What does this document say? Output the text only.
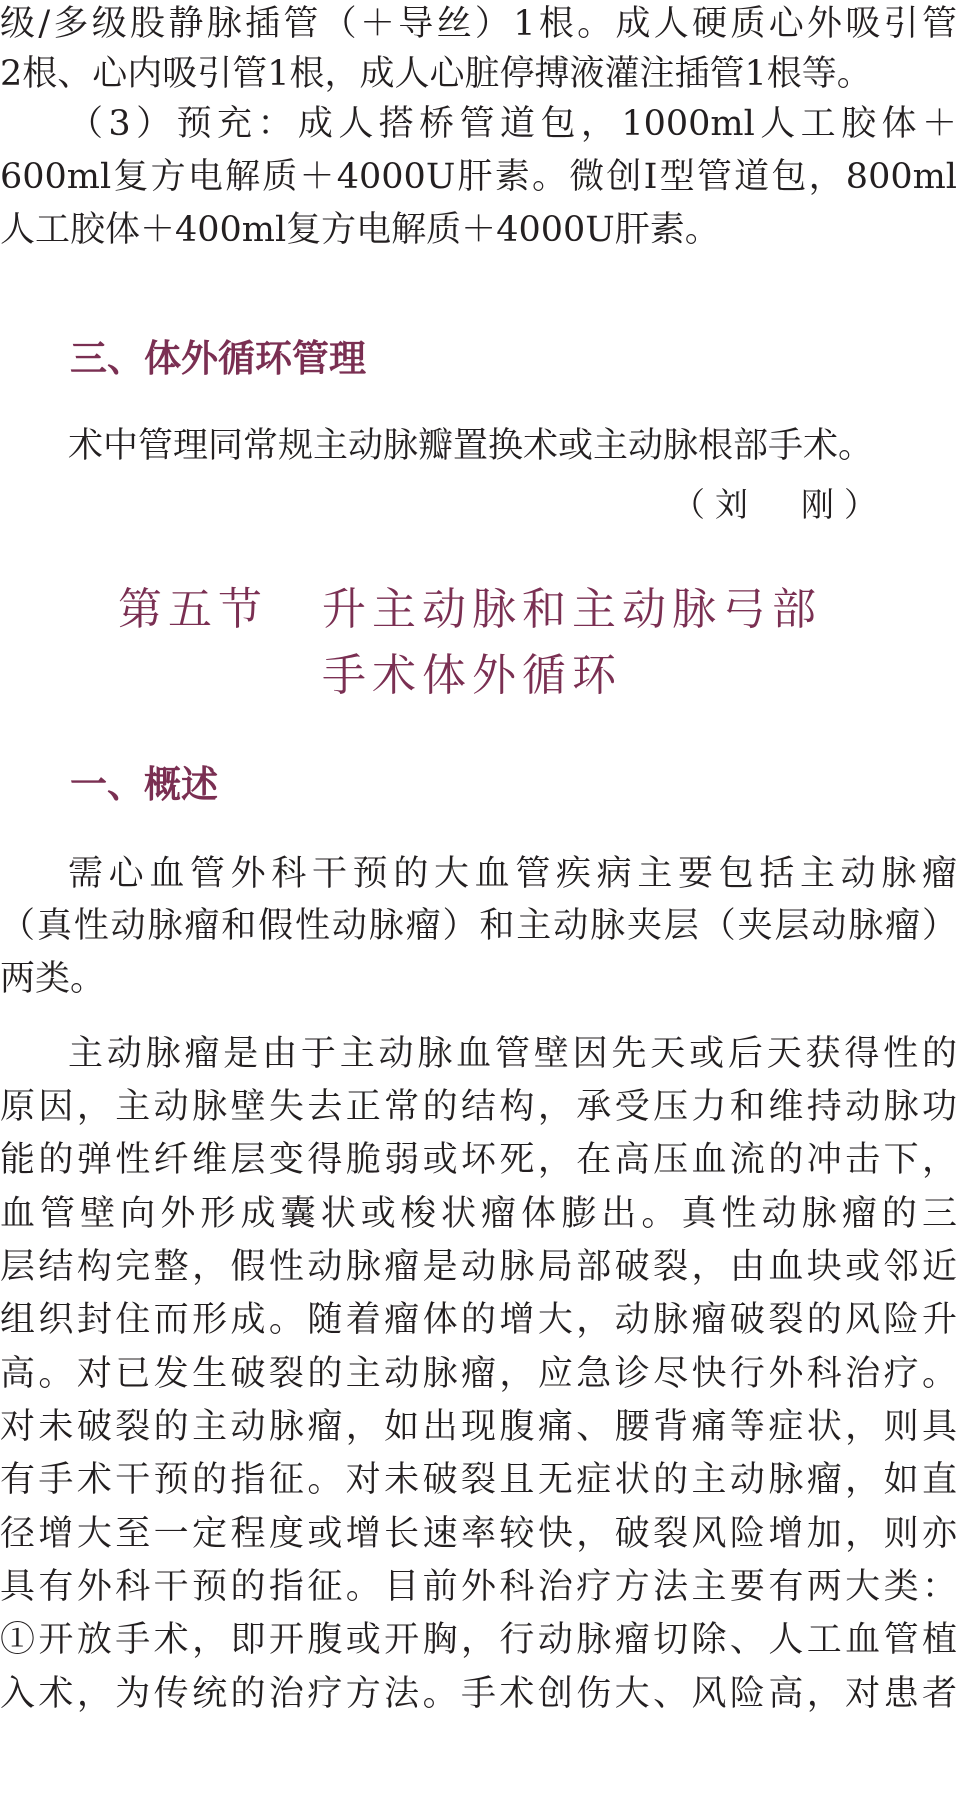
级/多级股静脉插管（＋导丝）1根。成人硬质心外吸引管
2根、心内吸引管1根，成人心脏停搏液灌注插管1根等。
（3）预充：成人搭桥管道包，1000ml人工胶体＋
600ml复方电解质＋4000U肝素。微创Ⅰ型管道包，800ml
人工胶体＋400ml复方电解质＋4000U肝素。
三、体外循环管理
术中管理同常规主动脉瓣置换术或主动脉根部手术。
（刘　刚）
第五节 升主动脉和主动脉弓部
手术体外循环
一、概述
需心血管外科干预的大血管疾病主要包括主动脉瘤
（真性动脉瘤和假性动脉瘤）和主动脉夹层（夹层动脉瘤）
两类。
主动脉瘤是由于主动脉血管壁因先天或后天获得性的
原因，主动脉壁失去正常的结构，承受压力和维持动脉功
能的弹性纤维层变得脆弱或坏死，在高压血流的冲击下，
血管壁向外形成囊状或梭状瘤体膨出。真性动脉瘤的三
层结构完整，假性动脉瘤是动脉局部破裂，由血块或邻近
组织封住而形成。随着瘤体的增大，动脉瘤破裂的风险升
高。对已发生破裂的主动脉瘤，应急诊尽快行外科治疗。
对未破裂的主动脉瘤，如出现腹痛、腰背痛等症状，则具
有手术干预的指征。对未破裂且无症状的主动脉瘤，如直
径增大至一定程度或增长速率较快，破裂风险增加，则亦
具有外科干预的指征。目前外科治疗方法主要有两大类：
①开放手术，即开腹或开胸，行动脉瘤切除、人工血管植
入术，为传统的治疗方法。手术创伤大、风险高，对患者
